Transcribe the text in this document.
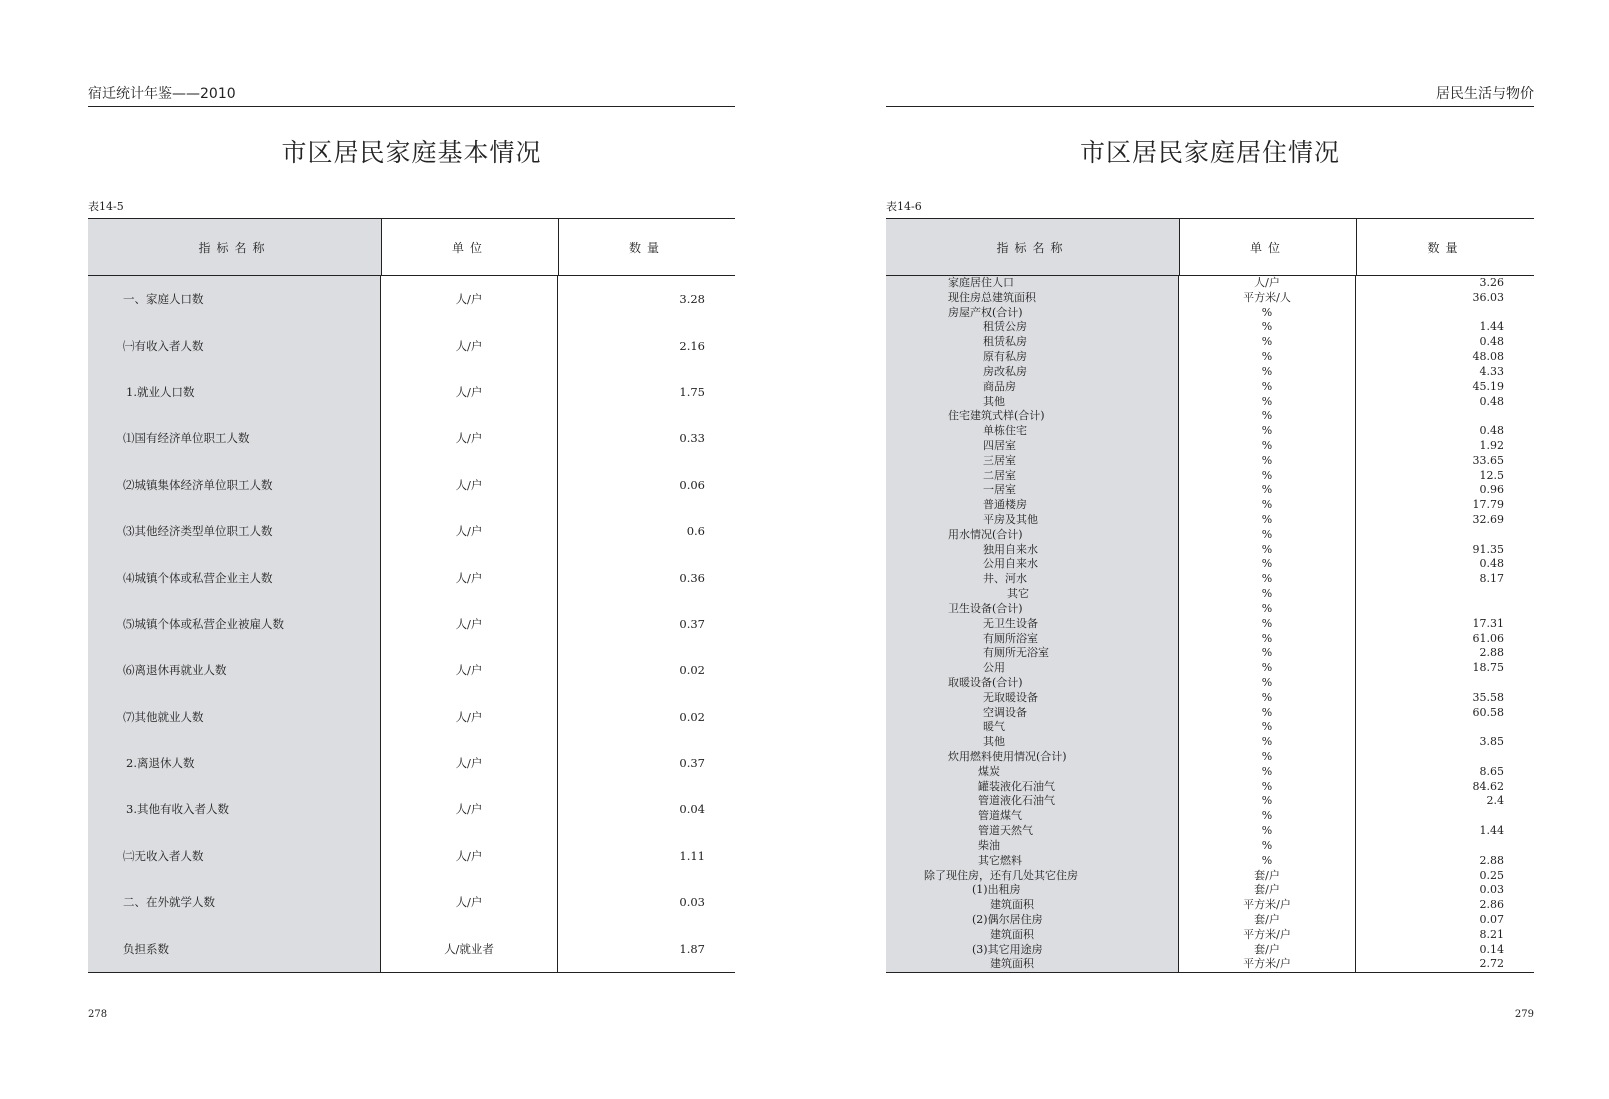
宿迁统计年鉴——2010
市区居民家庭基本情况
表14-5
指标名称	单位	数量
一、家庭人口数	人/户	3.28
㈠有收入者人数	人/户	2.16
1.就业人口数	人/户	1.75
⑴国有经济单位职工人数	人/户	0.33
⑵城镇集体经济单位职工人数	人/户	0.06
⑶其他经济类型单位职工人数	人/户	0.6
⑷城镇个体或私营企业主人数	人/户	0.36
⑸城镇个体或私营企业被雇人数	人/户	0.37
⑹离退休再就业人数	人/户	0.02
⑺其他就业人数	人/户	0.02
2.离退休人数	人/户	0.37
3.其他有收入者人数	人/户	0.04
㈡无收入者人数	人/户	1.11
二、在外就学人数	人/户	0.03
负担系数	人/就业者	1.87
278
居民生活与物价
市区居民家庭居住情况
表14-6
指标名称	单位	数量
家庭居住人口	人/户	3.26
现住房总建筑面积	平方米/人	36.03
房屋产权(合计)	%
租赁公房	%	1.44
租赁私房	%	0.48
原有私房	%	48.08
房改私房	%	4.33
商品房	%	45.19
其他	%	0.48
住宅建筑式样(合计)	%
单栋住宅	%	0.48
四居室	%	1.92
三居室	%	33.65
二居室	%	12.5
一居室	%	0.96
普通楼房	%	17.79
平房及其他	%	32.69
用水情况(合计)	%
独用自来水	%	91.35
公用自来水	%	0.48
井、河水	%	8.17
其它	%
卫生设备(合计)	%
无卫生设备	%	17.31
有厕所浴室	%	61.06
有厕所无浴室	%	2.88
公用	%	18.75
取暖设备(合计)	%
无取暖设备	%	35.58
空调设备	%	60.58
暖气	%
其他	%	3.85
炊用燃料使用情况(合计)	%
煤炭	%	8.65
罐装液化石油气	%	84.62
管道液化石油气	%	2.4
管道煤气	%
管道天然气	%	1.44
柴油	%
其它燃料	%	2.88
除了现住房，还有几处其它住房	套/户	0.25
(1)出租房	套/户	0.03
建筑面积	平方米/户	2.86
(2)偶尔居住房	套/户	0.07
建筑面积	平方米/户	8.21
(3)其它用途房	套/户	0.14
建筑面积	平方米/户	2.72
279
